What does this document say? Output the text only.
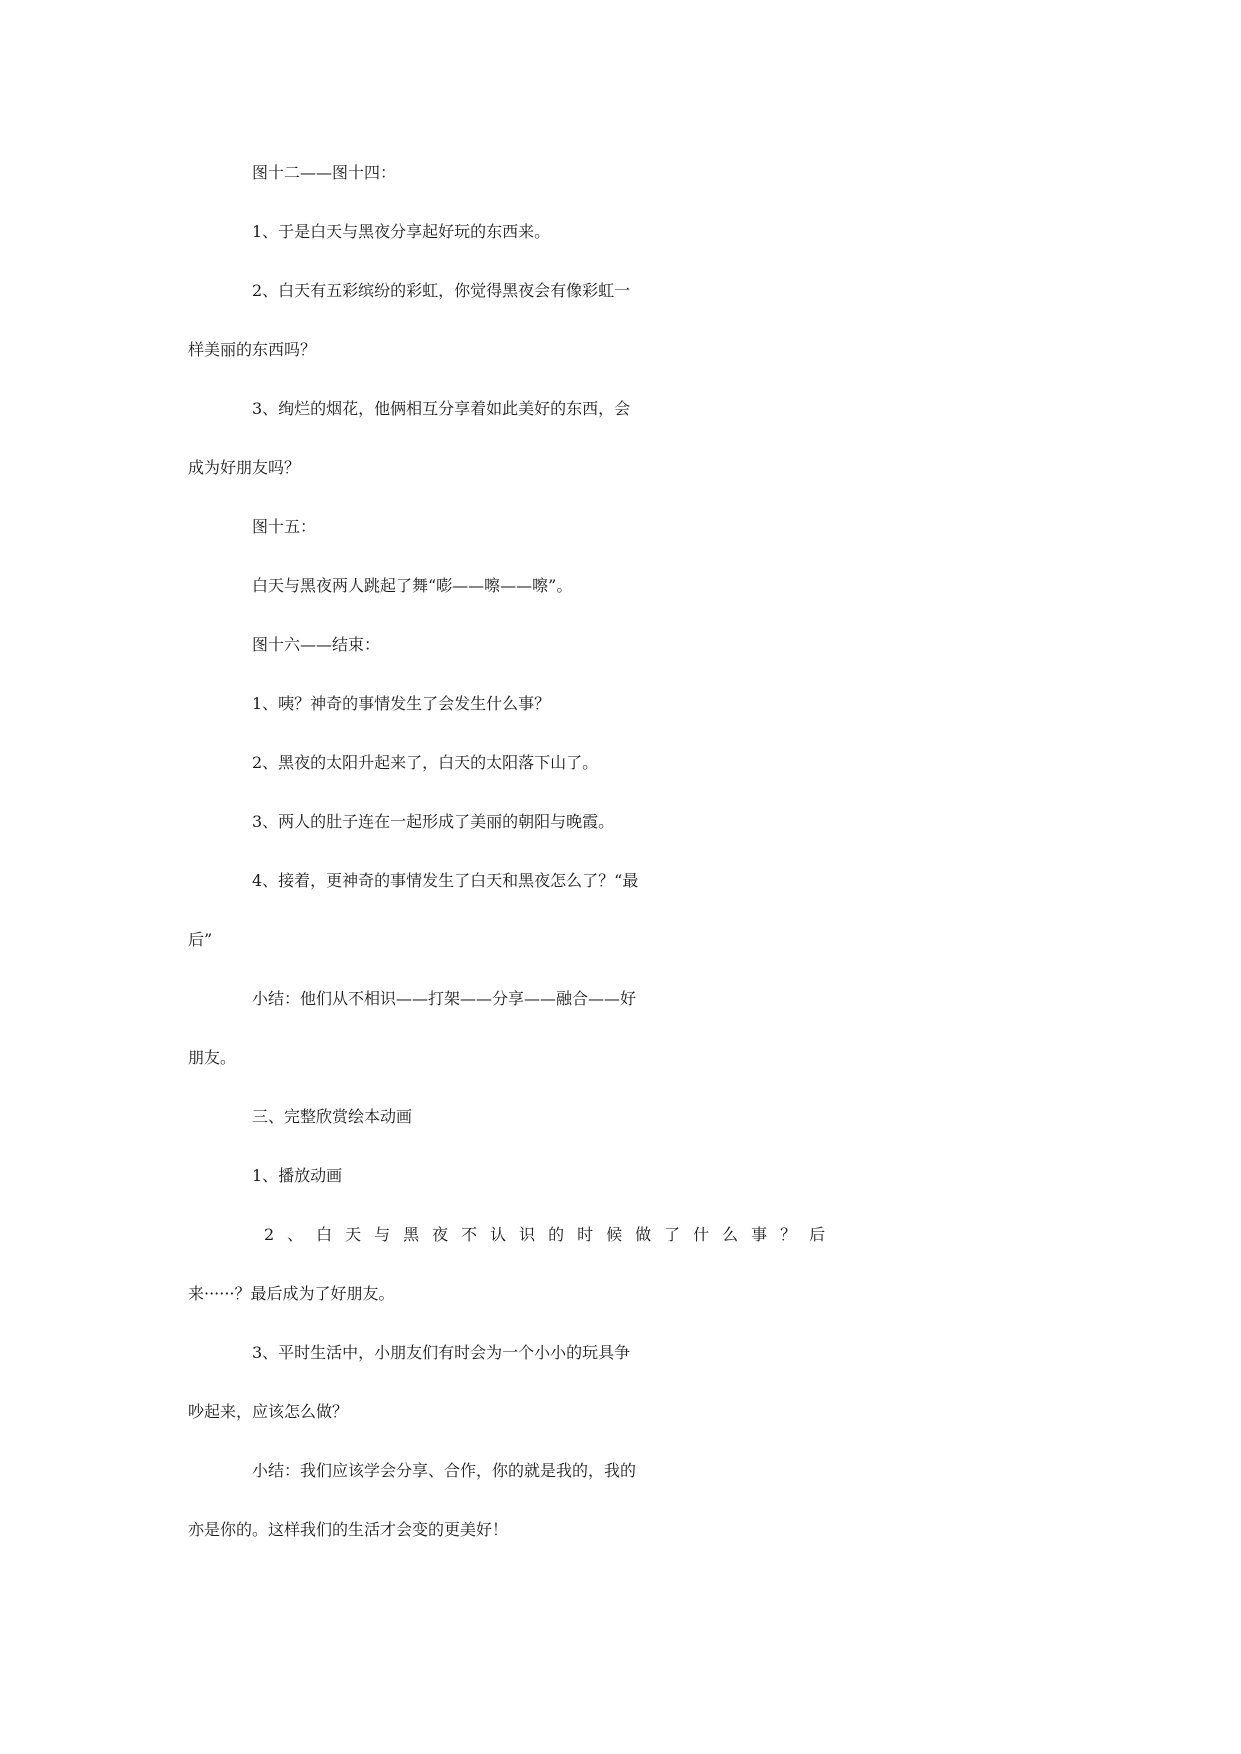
图十二——图十四：
1、于是白天与黑夜分享起好玩的东西来。
2、白天有五彩缤纷的彩虹，你觉得黑夜会有像彩虹一
样美丽的东西吗？
3、绚烂的烟花，他俩相互分享着如此美好的东西，会
成为好朋友吗？
图十五：
白天与黑夜两人跳起了舞“嘭——嚓——嚓”。
图十六——结束：
1、咦？神奇的事情发生了会发生什么事？
2、黑夜的太阳升起来了，白天的太阳落下山了。
3、两人的肚子连在一起形成了美丽的朝阳与晚霞。
4、接着，更神奇的事情发生了白天和黑夜怎么了？“最
后”
小结：他们从不相识——打架——分享——融合——好
朋友。
三、完整欣赏绘本动画
1、播放动画
2、白天与黑夜不认识的时候做了什么事？后
来······？最后成为了好朋友。
3、平时生活中，小朋友们有时会为一个小小的玩具争
吵起来，应该怎么做？
小结：我们应该学会分享、合作，你的就是我的，我的
亦是你的。这样我们的生活才会变的更美好！
